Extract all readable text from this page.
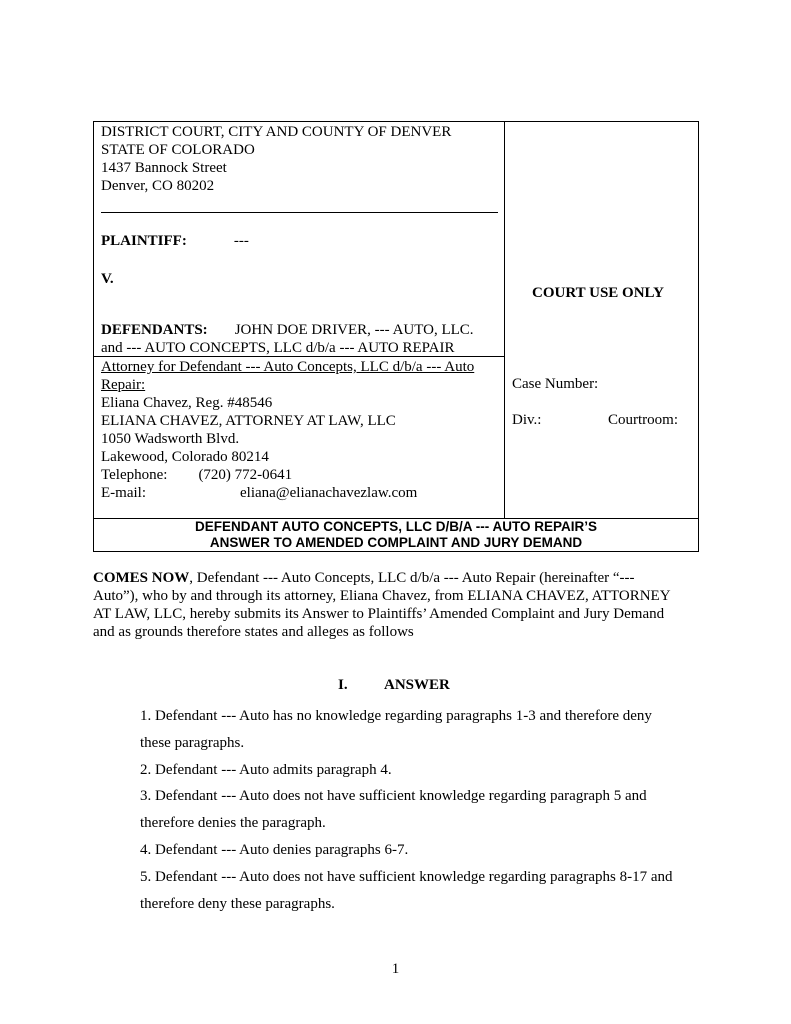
DISTRICT COURT, CITY AND COUNTY OF DENVER
STATE OF COLORADO
1437 Bannock Street
Denver, CO 80202
PLAINTIFF:	---
V.
DEFENDANTS: JOHN DOE DRIVER, --- AUTO, LLC.
and --- AUTO CONCEPTS, LLC d/b/a --- AUTO REPAIR
Attorney for Defendant --- Auto Concepts, LLC d/b/a --- Auto
Repair:
Eliana Chavez, Reg. #48546
ELIANA CHAVEZ, ATTORNEY AT LAW, LLC
1050 Wadsworth Blvd.
Lakewood, Colorado 80214
Telephone: (720) 772-0641
E-mail:	eliana@elianachavezlaw.com
COURT USE ONLY
Case Number:
Div.:	Courtroom:
DEFENDANT AUTO CONCEPTS, LLC D/B/A --- AUTO REPAIR’S
ANSWER TO AMENDED COMPLAINT AND JURY DEMAND
COMES NOW, Defendant --- Auto Concepts, LLC d/b/a --- Auto Repair (hereinafter “---
Auto”), who by and through its attorney, Eliana Chavez, from ELIANA CHAVEZ, ATTORNEY
AT LAW, LLC, hereby submits its Answer to Plaintiffs’ Amended Complaint and Jury Demand
and as grounds therefore states and alleges as follows
I. ANSWER

1. Defendant --- Auto has no knowledge regarding paragraphs 1-3 and therefore deny

these paragraphs.

2. Defendant --- Auto admits paragraph 4.

3. Defendant --- Auto does not have sufficient knowledge regarding paragraph 5 and

therefore denies the paragraph.

4. Defendant --- Auto denies paragraphs 6-7.

5. Defendant --- Auto does not have sufficient knowledge regarding paragraphs 8-17 and

therefore deny these paragraphs.

1
